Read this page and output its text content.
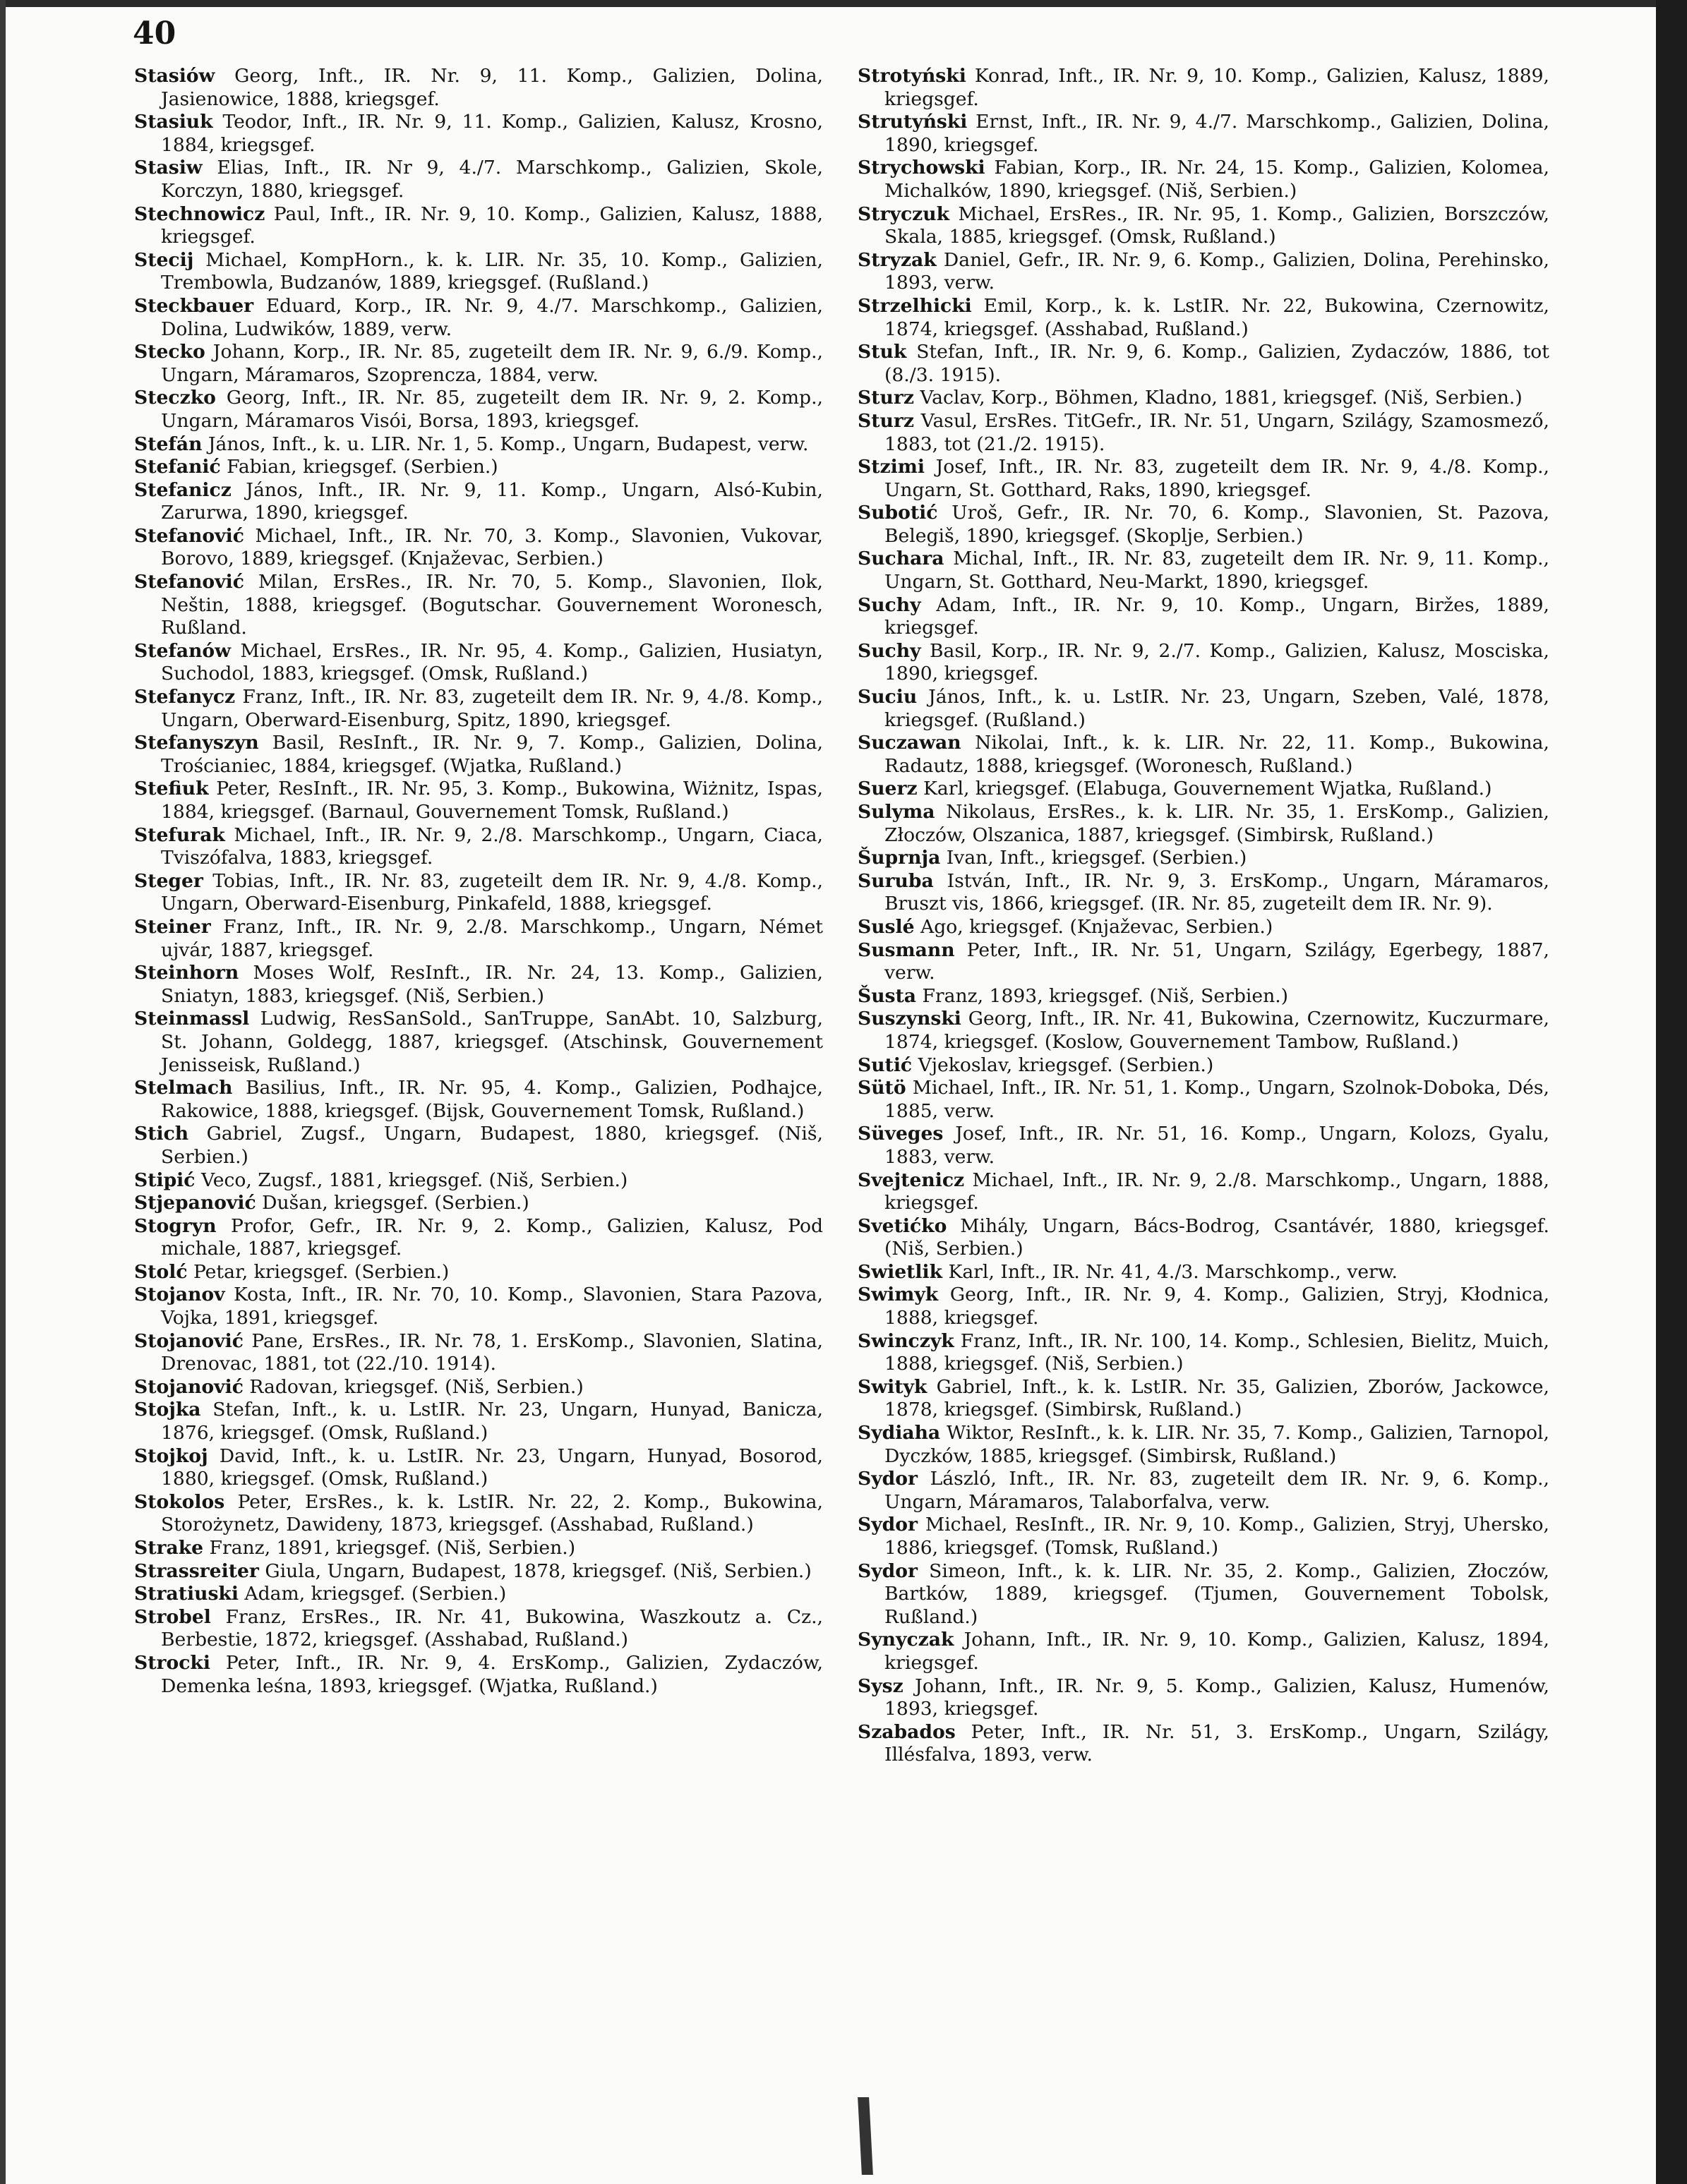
40
Stasiów Georg, Inft., IR. Nr. 9, 11. Komp., Galizien, Dolina, Jasienowice, 1888, kriegsgef.
Stasiuk Teodor, Inft., IR. Nr. 9, 11. Komp., Galizien, Kalusz, Krosno, 1884, kriegsgef.
Stasiw Elias, Inft., IR. Nr 9, 4./7. Marschkomp., Galizien, Skole, Korczyn, 1880, kriegsgef.
Stechnowicz Paul, Inft., IR. Nr. 9, 10. Komp., Galizien, Kalusz, 1888, kriegsgef.
Stecij Michael, KompHorn., k. k. LIR. Nr. 35, 10. Komp., Galizien, Trembowla, Budzanów, 1889, kriegsgef. (Rußland.)
Steckbauer Eduard, Korp., IR. Nr. 9, 4./7. Marschkomp., Galizien, Dolina, Ludwików, 1889, verw.
Stecko Johann, Korp., IR. Nr. 85, zugeteilt dem IR. Nr. 9, 6./9. Komp., Ungarn, Máramaros, Szoprencza, 1884, verw.
Steczko Georg, Inft., IR. Nr. 85, zugeteilt dem IR. Nr. 9, 2. Komp., Ungarn, Máramaros Visói, Borsa, 1893, kriegsgef.
Stefán János, Inft., k. u. LIR. Nr. 1, 5. Komp., Ungarn, Budapest, verw.
Stefanić Fabian, kriegsgef. (Serbien.)
Stefanicz János, Inft., IR. Nr. 9, 11. Komp., Ungarn, Alsó-Kubin, Zarurwa, 1890, kriegsgef.
Stefanović Michael, Inft., IR. Nr. 70, 3. Komp., Slavonien, Vukovar, Borovo, 1889, kriegsgef. (Knjaževac, Serbien.)
Stefanović Milan, ErsRes., IR. Nr. 70, 5. Komp., Slavonien, Ilok, Neštin, 1888, kriegsgef. (Bogutschar. Gouvernement Woronesch, Rußland.
Stefanów Michael, ErsRes., IR. Nr. 95, 4. Komp., Galizien, Husiatyn, Suchodol, 1883, kriegsgef. (Omsk, Rußland.)
Stefanycz Franz, Inft., IR. Nr. 83, zugeteilt dem IR. Nr. 9, 4./8. Komp., Ungarn, Oberward-Eisenburg, Spitz, 1890, kriegsgef.
Stefanyszyn Basil, ResInft., IR. Nr. 9, 7. Komp., Galizien, Dolina, Trościaniec, 1884, kriegsgef. (Wjatka, Rußland.)
Stefiuk Peter, ResInft., IR. Nr. 95, 3. Komp., Bukowina, Wiżnitz, Ispas, 1884, kriegsgef. (Barnaul, Gouvernement Tomsk, Rußland.)
Stefurak Michael, Inft., IR. Nr. 9, 2./8. Marschkomp., Ungarn, Ciaca, Tviszófalva, 1883, kriegsgef.
Steger Tobias, Inft., IR. Nr. 83, zugeteilt dem IR. Nr. 9, 4./8. Komp., Ungarn, Oberward-Eisenburg, Pinkafeld, 1888, kriegsgef.
Steiner Franz, Inft., IR. Nr. 9, 2./8. Marschkomp., Ungarn, Német ujvár, 1887, kriegsgef.
Steinhorn Moses Wolf, ResInft., IR. Nr. 24, 13. Komp., Galizien, Sniatyn, 1883, kriegsgef. (Niš, Serbien.)
Steinmassl Ludwig, ResSanSold., SanTruppe, SanAbt. 10, Salzburg, St. Johann, Goldegg, 1887, kriegsgef. (Atschinsk, Gouvernement Jenisseisk, Rußland.)
Stelmach Basilius, Inft., IR. Nr. 95, 4. Komp., Galizien, Podhajce, Rakowice, 1888, kriegsgef. (Bijsk, Gouvernement Tomsk, Rußland.)
Stich Gabriel, Zugsf., Ungarn, Budapest, 1880, kriegsgef. (Niš, Serbien.)
Stipić Veco, Zugsf., 1881, kriegsgef. (Niš, Serbien.)
Stjepanović Dušan, kriegsgef. (Serbien.)
Stogryn Profor, Gefr., IR. Nr. 9, 2. Komp., Galizien, Kalusz, Pod michale, 1887, kriegsgef.
Stolć Petar, kriegsgef. (Serbien.)
Stojanov Kosta, Inft., IR. Nr. 70, 10. Komp., Slavonien, Stara Pazova, Vojka, 1891, kriegsgef.
Stojanović Pane, ErsRes., IR. Nr. 78, 1. ErsKomp., Slavonien, Slatina, Drenovac, 1881, tot (22./10. 1914).
Stojanović Radovan, kriegsgef. (Niš, Serbien.)
Stojka Stefan, Inft., k. u. LstIR. Nr. 23, Ungarn, Hunyad, Banicza, 1876, kriegsgef. (Omsk, Rußland.)
Stojkoj David, Inft., k. u. LstIR. Nr. 23, Ungarn, Hunyad, Bosorod, 1880, kriegsgef. (Omsk, Rußland.)
Stokolos Peter, ErsRes., k. k. LstIR. Nr. 22, 2. Komp., Bukowina, Storożynetz, Dawideny, 1873, kriegsgef. (Asshabad, Rußland.)
Strake Franz, 1891, kriegsgef. (Niš, Serbien.)
Strassreiter Giula, Ungarn, Budapest, 1878, kriegsgef. (Niš, Serbien.)
Stratiuski Adam, kriegsgef. (Serbien.)
Strobel Franz, ErsRes., IR. Nr. 41, Bukowina, Waszkoutz a. Cz., Berbestie, 1872, kriegsgef. (Asshabad, Rußland.)
Strocki Peter, Inft., IR. Nr. 9, 4. ErsKomp., Galizien, Zydaczów, Demenka leśna, 1893, kriegsgef. (Wjatka, Rußland.)
Strotyński Konrad, Inft., IR. Nr. 9, 10. Komp., Galizien, Kalusz, 1889, kriegsgef.
Strutyński Ernst, Inft., IR. Nr. 9, 4./7. Marschkomp., Galizien, Dolina, 1890, kriegsgef.
Strychowski Fabian, Korp., IR. Nr. 24, 15. Komp., Galizien, Kolomea, Michalków, 1890, kriegsgef. (Niš, Serbien.)
Stryczuk Michael, ErsRes., IR. Nr. 95, 1. Komp., Galizien, Borszczów, Skala, 1885, kriegsgef. (Omsk, Rußland.)
Stryzak Daniel, Gefr., IR. Nr. 9, 6. Komp., Galizien, Dolina, Perehinsko, 1893, verw.
Strzelhicki Emil, Korp., k. k. LstIR. Nr. 22, Bukowina, Czernowitz, 1874, kriegsgef. (Asshabad, Rußland.)
Stuk Stefan, Inft., IR. Nr. 9, 6. Komp., Galizien, Zydaczów, 1886, tot (8./3. 1915).
Sturz Vaclav, Korp., Böhmen, Kladno, 1881, kriegsgef. (Niš, Serbien.)
Sturz Vasul, ErsRes. TitGefr., IR. Nr. 51, Ungarn, Szilágy, Szamosmező, 1883, tot (21./2. 1915).
Stzimi Josef, Inft., IR. Nr. 83, zugeteilt dem IR. Nr. 9, 4./8. Komp., Ungarn, St. Gotthard, Raks, 1890, kriegsgef.
Subotić Uroš, Gefr., IR. Nr. 70, 6. Komp., Slavonien, St. Pazova, Belegiš, 1890, kriegsgef. (Skoplje, Serbien.)
Suchara Michal, Inft., IR. Nr. 83, zugeteilt dem IR. Nr. 9, 11. Komp., Ungarn, St. Gotthard, Neu-Markt, 1890, kriegsgef.
Suchy Adam, Inft., IR. Nr. 9, 10. Komp., Ungarn, Biržes, 1889, kriegsgef.
Suchy Basil, Korp., IR. Nr. 9, 2./7. Komp., Galizien, Kalusz, Mosciska, 1890, kriegsgef.
Suciu János, Inft., k. u. LstIR. Nr. 23, Ungarn, Szeben, Valé, 1878, kriegsgef. (Rußland.)
Suczawan Nikolai, Inft., k. k. LIR. Nr. 22, 11. Komp., Bukowina, Radautz, 1888, kriegsgef. (Woronesch, Rußland.)
Suerz Karl, kriegsgef. (Elabuga, Gouvernement Wjatka, Rußland.)
Sulyma Nikolaus, ErsRes., k. k. LIR. Nr. 35, 1. ErsKomp., Galizien, Złoczów, Olszanica, 1887, kriegsgef. (Simbirsk, Rußland.)
Šuprnja Ivan, Inft., kriegsgef. (Serbien.)
Suruba István, Inft., IR. Nr. 9, 3. ErsKomp., Ungarn, Máramaros, Bruszt vis, 1866, kriegsgef. (IR. Nr. 85, zugeteilt dem IR. Nr. 9).
Suslé Ago, kriegsgef. (Knjaževac, Serbien.)
Susmann Peter, Inft., IR. Nr. 51, Ungarn, Szilágy, Egerbegy, 1887, verw.
Šusta Franz, 1893, kriegsgef. (Niš, Serbien.)
Suszynski Georg, Inft., IR. Nr. 41, Bukowina, Czernowitz, Kuczurmare, 1874, kriegsgef. (Koslow, Gouvernement Tambow, Rußland.)
Sutić Vjekoslav, kriegsgef. (Serbien.)
Sütö Michael, Inft., IR. Nr. 51, 1. Komp., Ungarn, Szolnok-Doboka, Dés, 1885, verw.
Süveges Josef, Inft., IR. Nr. 51, 16. Komp., Ungarn, Kolozs, Gyalu, 1883, verw.
Svejtenicz Michael, Inft., IR. Nr. 9, 2./8. Marschkomp., Ungarn, 1888, kriegsgef.
Svetićko Mihály, Ungarn, Bács-Bodrog, Csantávér, 1880, kriegsgef. (Niš, Serbien.)
Swietlik Karl, Inft., IR. Nr. 41, 4./3. Marschkomp., verw.
Swimyk Georg, Inft., IR. Nr. 9, 4. Komp., Galizien, Stryj, Kłodnica, 1888, kriegsgef.
Swinczyk Franz, Inft., IR. Nr. 100, 14. Komp., Schlesien, Bielitz, Muich, 1888, kriegsgef. (Niš, Serbien.)
Swityk Gabriel, Inft., k. k. LstIR. Nr. 35, Galizien, Zborów, Jackowce, 1878, kriegsgef. (Simbirsk, Rußland.)
Sydiaha Wiktor, ResInft., k. k. LIR. Nr. 35, 7. Komp., Galizien, Tarnopol, Dyczków, 1885, kriegsgef. (Simbirsk, Rußland.)
Sydor László, Inft., IR. Nr. 83, zugeteilt dem IR. Nr. 9, 6. Komp., Ungarn, Máramaros, Talaborfalva, verw.
Sydor Michael, ResInft., IR. Nr. 9, 10. Komp., Galizien, Stryj, Uhersko, 1886, kriegsgef. (Tomsk, Rußland.)
Sydor Simeon, Inft., k. k. LIR. Nr. 35, 2. Komp., Galizien, Złoczów, Bartków, 1889, kriegsgef. (Tjumen, Gouvernement Tobolsk, Rußland.)
Synyczak Johann, Inft., IR. Nr. 9, 10. Komp., Galizien, Kalusz, 1894, kriegsgef.
Sysz Johann, Inft., IR. Nr. 9, 5. Komp., Galizien, Kalusz, Humenów, 1893, kriegsgef.
Szabados Peter, Inft., IR. Nr. 51, 3. ErsKomp., Ungarn, Szilágy, Illésfalva, 1893, verw.
